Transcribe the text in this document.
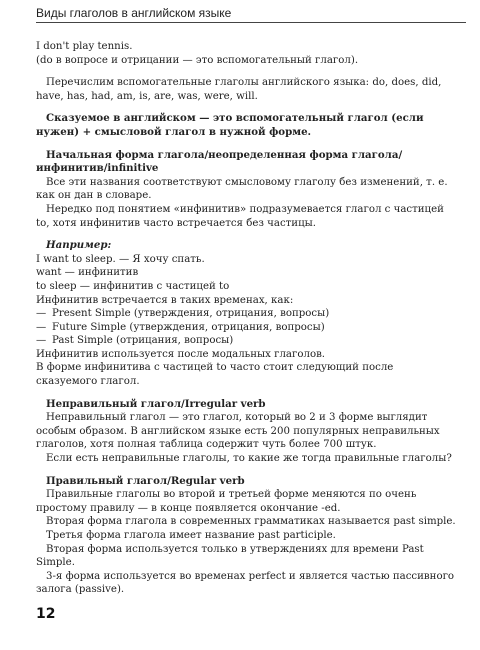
Виды глаголов в английском языке

I don't play tennis.

(do в вопросе и отрицании — это вспомогательный глагол).

Перечислим вспомогательные глаголы английского языка: do, does, did, have, has, had, am, is, are, was, were, will.

Сказуемое в английском — это вспомогательный глагол (если нужен) + смысловой глагол в нужной форме.

Начальная форма глагола/неопределенная форма глагола/инфинитив/infinitive

Все эти названия соответствуют смысловому глаголу без изменений, т. е. как он дан в словаре.

Нередко под понятием «инфинитив» подразумевается глагол с частицей to, хотя инфинитив часто встречается без частицы.

Например:

I want to sleep. — Я хочу спать.

want — инфинитив

to sleep — инфинитив с частицей to

Инфинитив встречается в таких временах, как:

— Present Simple (утверждения, отрицания, вопросы)
— Future Simple (утверждения, отрицания, вопросы)
— Past Simple (отрицания, вопросы)

Инфинитив используется после модальных глаголов.

В форме инфинитива с частицей to часто стоит следующий после сказуемого глагол.

Неправильный глагол/Irregular verb

Неправильный глагол — это глагол, который во 2 и 3 форме выглядит особым образом. В английском языке есть 200 популярных неправильных глаголов, хотя полная таблица содержит чуть более 700 штук.

Если есть неправильные глаголы, то какие же тогда правильные глаголы?

Правильный глагол/Regular verb

Правильные глаголы во второй и третьей форме меняются по очень простому правилу — в конце появляется окончание -ed.

Вторая форма глагола в современных грамматиках называется past simple.

Третья форма глагола имеет название past participle.

Вторая форма используется только в утверждениях для времени Past Simple.

3-я форма используется во временах perfect и является частью пассивного залога (passive).

12
